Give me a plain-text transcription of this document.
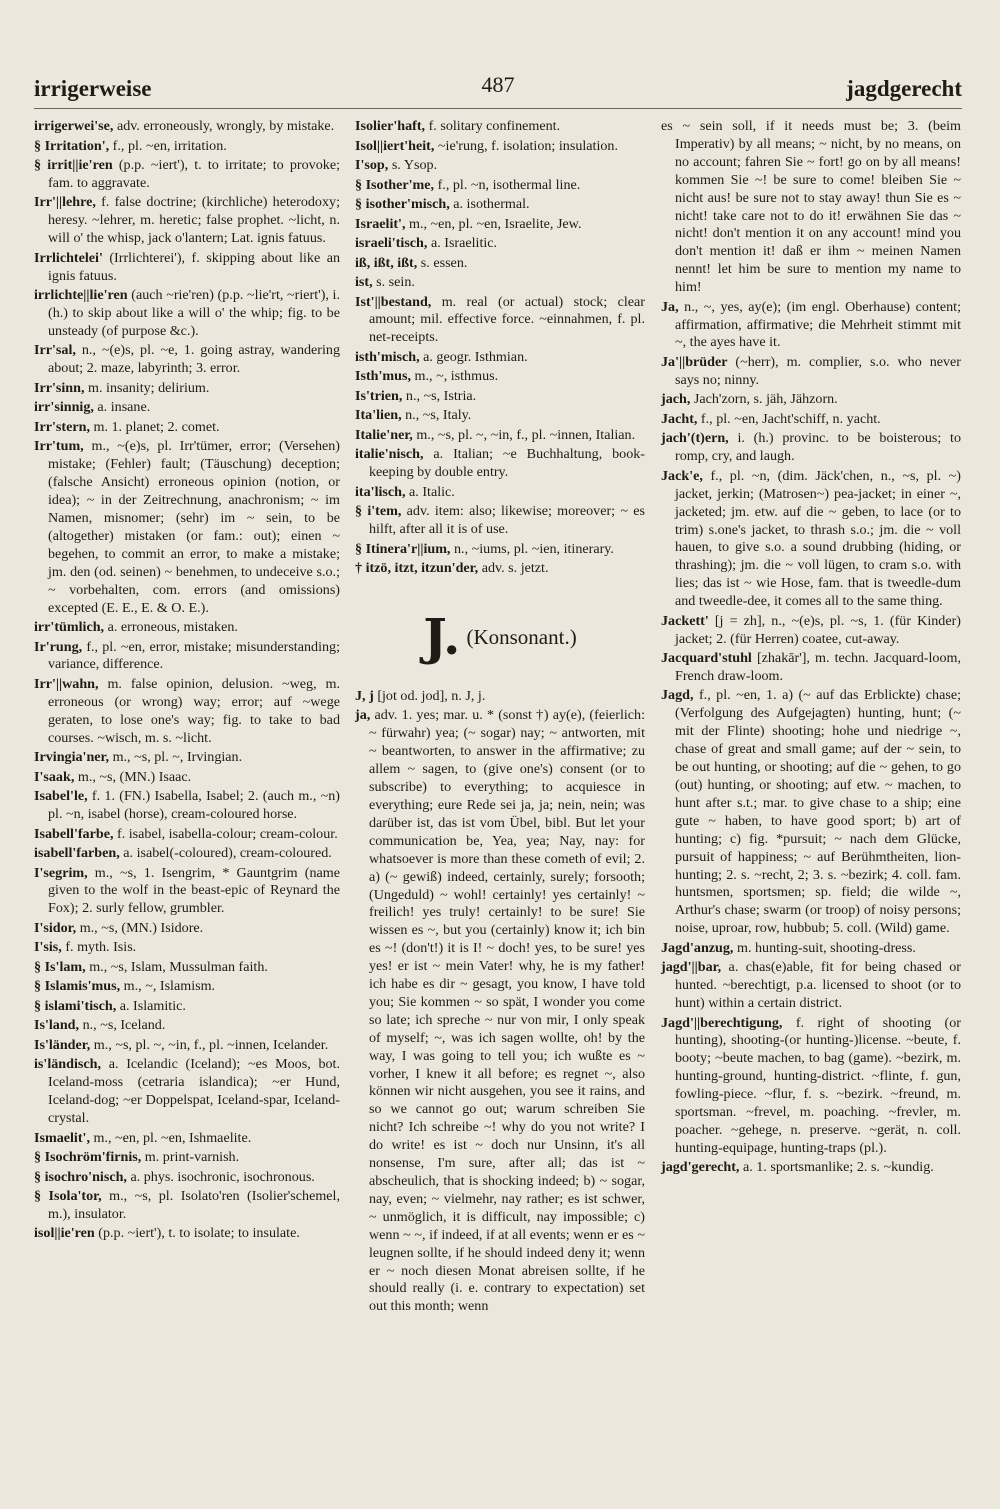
irrigerweise	487	jagdgerecht

irrigerwei'se, adv. erroneously, wrongly, by mistake.

§ Irritation', f., pl. ~en, irritation.

§ irrit||ie'ren (p.p. ~iert'), t. to irritate; to provoke; fam. to aggravate.

Irr'||lehre, f. false doctrine; (kirchliche) heterodoxy; heresy. ~lehrer, m. heretic; false prophet. ~licht, n. will o' the whisp, jack o'lantern; Lat. ignis fatuus.

Irrlichtelei' (Irrlichterei'), f. skipping about like an ignis fatuus.

irrlichte||lie'ren (auch ~rie'ren) (p.p. ~lie'rt, ~riert'), i. (h.) to skip about like a will o' the whip; fig. to be unsteady (of purpose &c.).

Irr'sal, n., ~(e)s, pl. ~e, 1. going astray, wandering about; 2. maze, labyrinth; 3. error.

Irr'sinn, m. insanity; delirium.

irr'sinnig, a. insane.

Irr'stern, m. 1. planet; 2. comet.

Irr'tum, m., ~(e)s, pl. Irr'tümer, error; (Versehen) mistake; (Fehler) fault; (Täuschung) deception; (falsche Ansicht) erroneous opinion (notion, or idea); ~ in der Zeitrechnung, anachronism; ~ im Namen, misnomer; (sehr) im ~ sein, to be (altogether) mistaken (or fam.: out); einen ~ begehen, to commit an error, to make a mistake; jm. den (od. seinen) ~ benehmen, to undeceive s.o.; ~ vorbehalten, com. errors (and omissions) excepted (E. E., E. & O. E.).

irr'tümlich, a. erroneous, mistaken.

Ir'rung, f., pl. ~en, error, mistake; misunderstanding; variance, difference.

Irr'||wahn, m. false opinion, delusion. ~weg, m. erroneous (or wrong) way; error; auf ~wege geraten, to lose one's way; fig. to take to bad courses. ~wisch, m. s. ~licht.

Irvingia'ner, m., ~s, pl. ~, Irvingian.

I'saak, m., ~s, (MN.) Isaac.

Isabel'le, f. 1. (FN.) Isabella, Isabel; 2. (auch m., ~n) pl. ~n, isabel (horse), cream-coloured horse.

Isabell'farbe, f. isabel, isabella-colour; cream-colour.

isabell'farben, a. isabel(-coloured), cream-coloured.

I'segrim, m., ~s, 1. Isengrim, * Gauntgrim (name given to the wolf in the beast-epic of Reynard the Fox); 2. surly fellow, grumbler.

I'sidor, m., ~s, (MN.) Isidore.

I'sis, f. myth. Isis.

§ Is'lam, m., ~s, Islam, Mussulman faith.

§ Islamis'mus, m., ~, Islamism.

§ islami'tisch, a. Islamitic.

Is'land, n., ~s, Iceland.

Is'länder, m., ~s, pl. ~, ~in, f., pl. ~innen, Icelander.

is'ländisch, a. Icelandic (Iceland); ~es Moos, bot. Iceland-moss (cetraria islandica); ~er Hund, Iceland-dog; ~er Doppelspat, Iceland-spar, Iceland-crystal.

Ismaelit', m., ~en, pl. ~en, Ishmaelite.

§ Isochröm'firnis, m. print-varnish.

§ isochro'nisch, a. phys. isochronic, isochronous.

§ Isola'tor, m., ~s, pl. Isolato'ren (Isolier'schemel, m.), insulator.

isol||ie'ren (p.p. ~iert'), t. to isolate; to insulate.

Isolier'haft, f. solitary confinement.

Isol||iert'heit, ~ie'rung, f. isolation; insulation.

I'sop, s. Ysop.

§ Isother'me, f., pl. ~n, isothermal line.

§ isother'misch, a. isothermal.

Israelit', m., ~en, pl. ~en, Israelite, Jew.

israeli'tisch, a. Israelitic.

iß, ißt, ißt, s. essen.

ist, s. sein.

Ist'||bestand, m. real (or actual) stock; clear amount; mil. effective force. ~einnahmen, f. pl. net-receipts.

isth'misch, a. geogr. Isthmian.

Isth'mus, m., ~, isthmus.

Is'trien, n., ~s, Istria.

Ita'lien, n., ~s, Italy.

Italie'ner, m., ~s, pl. ~, ~in, f., pl. ~innen, Italian.

italie'nisch, a. Italian; ~e Buchhaltung, book-keeping by double entry.

ita'lisch, a. Italic.

§ i'tem, adv. item: also; likewise; moreover; ~ es hilft, after all it is of use.

§ Itinera'r||ium, n., ~iums, pl. ~ien, itinerary.

† itzö, itzt, itzun'der, adv. s. jetzt.

J. (Konsonant.)

J, j [jot od. jod], n. J, j.

ja, adv. 1. yes; mar. u. * (sonst †) ay(e), (feierlich: ~ fürwahr) yea; (~ sogar) nay; ~ antworten, mit ~ beantworten, to answer in the affirmative; zu allem ~ sagen, to (give one's) consent (or to subscribe) to everything; to acquiesce in everything; eure Rede sei ja, ja; nein, nein; was darüber ist, das ist vom Übel, bibl. But let your communication be, Yea, yea; Nay, nay: for whatsoever is more than these cometh of evil; 2. a) (~ gewiß) indeed, certainly, surely; forsooth; (Ungeduld) ~ wohl! certainly! yes certainly! ~ freilich! yes truly! certainly! to be sure! Sie wissen es ~, but you (certainly) know it; ich bin es ~! (don't!) it is I! ~ doch! yes, to be sure! yes yes! er ist ~ mein Vater! why, he is my father! ich habe es dir ~ gesagt, you know, I have told you; Sie kommen ~ so spät, I wonder you come so late; ich spreche ~ nur von mir, I only speak of myself; ~, was ich sagen wollte, oh! by the way, I was going to tell you; ich wußte es ~ vorher, I knew it all before; es regnet ~, also können wir nicht ausgehen, you see it rains, and so we cannot go out; warum schreiben Sie nicht? Ich schreibe ~! why do you not write? I do write! es ist ~ doch nur Unsinn, it's all nonsense, I'm sure, after all; das ist ~ abscheulich, that is shocking indeed; b) ~ sogar, nay, even; ~ vielmehr, nay rather; es ist schwer, ~ unmöglich, it is difficult, nay impossible; c) wenn ~ ~, if indeed, if at all events; wenn er es ~ leugnen sollte, if he should indeed deny it; wenn er ~ noch diesen Monat abreisen sollte, if he should really (i. e. contrary to expectation) set out this month; wenn

es ~ sein soll, if it needs must be; 3. (beim Imperativ) by all means; ~ nicht, by no means, on no account; fahren Sie ~ fort! go on by all means! kommen Sie ~! be sure to come! bleiben Sie ~ nicht aus! be sure not to stay away! thun Sie es ~ nicht! take care not to do it! erwähnen Sie das ~ nicht! don't mention it on any account! mind you don't mention it! daß er ihm ~ meinen Namen nennt! let him be sure to mention my name to him!

Ja, n., ~, yes, ay(e); (im engl. Oberhause) content; affirmation, affirmative; die Mehrheit stimmt mit ~, the ayes have it.

Ja'||brüder (~herr), m. complier, s.o. who never says no; ninny.

jach, Jach'zorn, s. jäh, Jähzorn.

Jacht, f., pl. ~en, Jacht'schiff, n. yacht.

jach'(t)ern, i. (h.) provinc. to be boisterous; to romp, cry, and laugh.

Jack'e, f., pl. ~n, (dim. Jäck'chen, n., ~s, pl. ~) jacket, jerkin; (Matrosen~) pea-jacket; in einer ~, jacketed; jm. etw. auf die ~ geben, to lace (or to trim) s.one's jacket, to thrash s.o.; jm. die ~ voll hauen, to give s.o. a sound drubbing (hiding, or thrashing); jm. die ~ voll lügen, to cram s.o. with lies; das ist ~ wie Hose, fam. that is tweedle-dum and tweedle-dee, it comes all to the same thing.

Jackett' [j = zh], n., ~(e)s, pl. ~s, 1. (für Kinder) jacket; 2. (für Herren) coatee, cut-away.

Jacquard'stuhl [zhakār'], m. techn. Jacquard-loom, French draw-loom.

Jagd, f., pl. ~en, 1. a) (~ auf das Erblickte) chase; (Verfolgung des Aufgejagten) hunting, hunt; (~ mit der Flinte) shooting; hohe und niedrige ~, chase of great and small game; auf der ~ sein, to be out hunting, or shooting; auf die ~ gehen, to go (out) hunting, or shooting; auf etw. ~ machen, to hunt after s.t.; mar. to give chase to a ship; eine gute ~ haben, to have good sport; b) art of hunting; c) fig. *pursuit; ~ nach dem Glücke, pursuit of happiness; ~ auf Berühmtheiten, lion-hunting; 2. s. ~recht, 2; 3. s. ~bezirk; 4. coll. fam. huntsmen, sportsmen; sp. field; die wilde ~, Arthur's chase; swarm (or troop) of noisy persons; noise, uproar, row, hubbub; 5. coll. (Wild) game.

Jagd'anzug, m. hunting-suit, shooting-dress.

jagd'||bar, a. chas(e)able, fit for being chased or hunted. ~berechtigt, p.a. licensed to shoot (or to hunt) within a certain district.

Jagd'||berechtigung, f. right of shooting (or hunting), shooting-(or hunting-)license. ~beute, f. booty; ~beute machen, to bag (game). ~bezirk, m. hunting-ground, hunting-district. ~flinte, f. gun, fowling-piece. ~flur, f. s. ~bezirk. ~freund, m. sportsman. ~frevel, m. poaching. ~frevler, m. poacher. ~gehege, n. preserve. ~gerät, n. coll. hunting-equipage, hunting-traps (pl.).

jagd'gerecht, a. 1. sportsmanlike; 2. s. ~kundig.
